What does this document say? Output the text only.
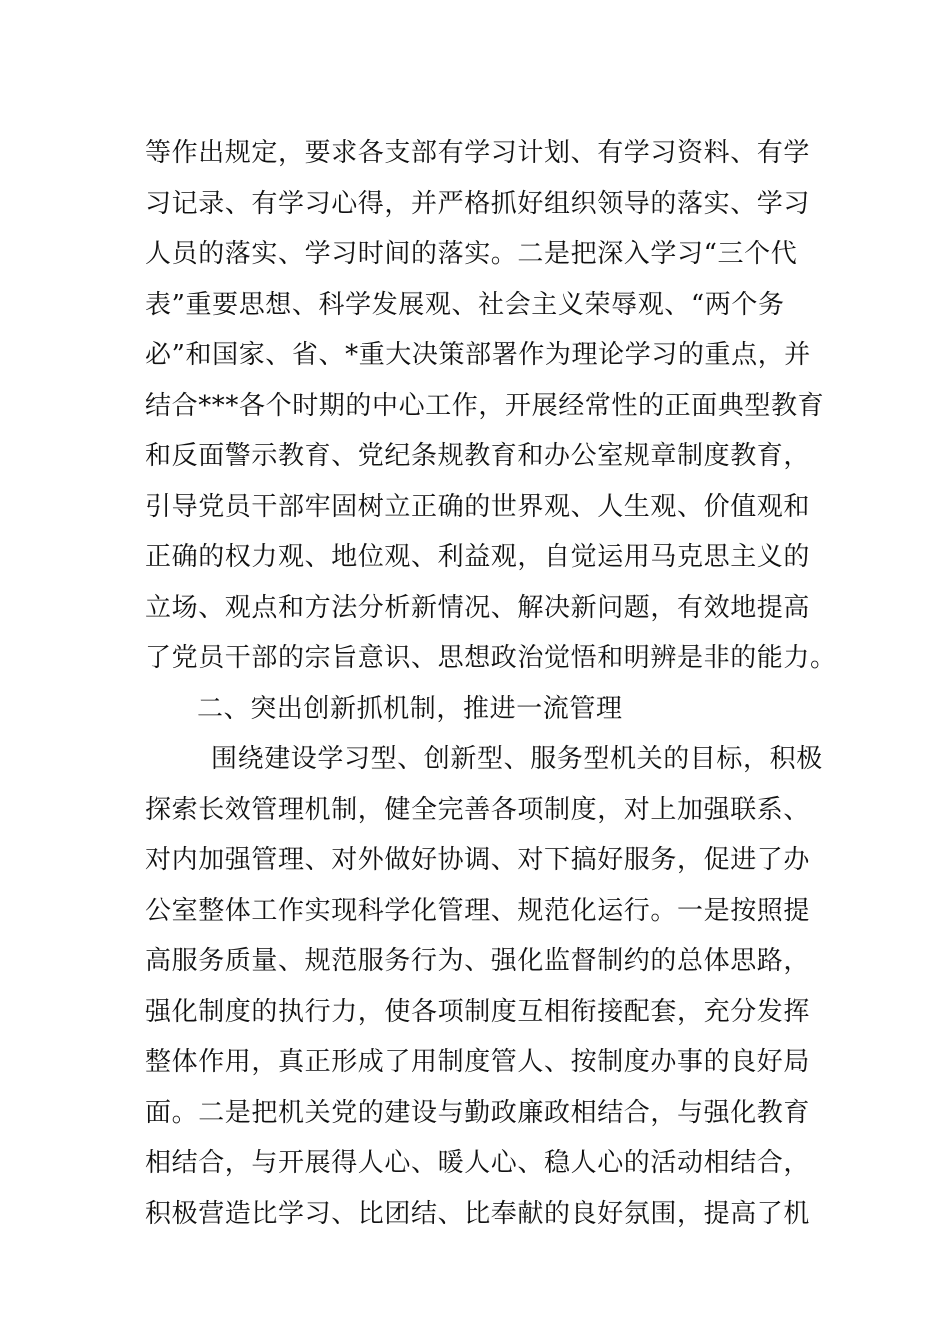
等作出规定，要求各支部有学习计划、有学习资料、有学
习记录、有学习心得，并严格抓好组织领导的落实、学习
人员的落实、学习时间的落实。二是把深入学习“三个代
表”重要思想、科学发展观、社会主义荣辱观、“两个务
必”和国家、省、*重大决策部署作为理论学习的重点，并
结合***各个时期的中心工作，开展经常性的正面典型教育
和反面警示教育、党纪条规教育和办公室规章制度教育，
引导党员干部牢固树立正确的世界观、人生观、价值观和
正确的权力观、地位观、利益观，自觉运用马克思主义的
立场、观点和方法分析新情况、解决新问题，有效地提高
了党员干部的宗旨意识、思想政治觉悟和明辨是非的能力。
二、突出创新抓机制，推进一流管理
围绕建设学习型、创新型、服务型机关的目标，积极
探索长效管理机制，健全完善各项制度，对上加强联系、
对内加强管理、对外做好协调、对下搞好服务，促进了办
公室整体工作实现科学化管理、规范化运行。一是按照提
高服务质量、规范服务行为、强化监督制约的总体思路，
强化制度的执行力，使各项制度互相衔接配套，充分发挥
整体作用，真正形成了用制度管人、按制度办事的良好局
面。二是把机关党的建设与勤政廉政相结合，与强化教育
相结合，与开展得人心、暖人心、稳人心的活动相结合，
积极营造比学习、比团结、比奉献的良好氛围，提高了机
